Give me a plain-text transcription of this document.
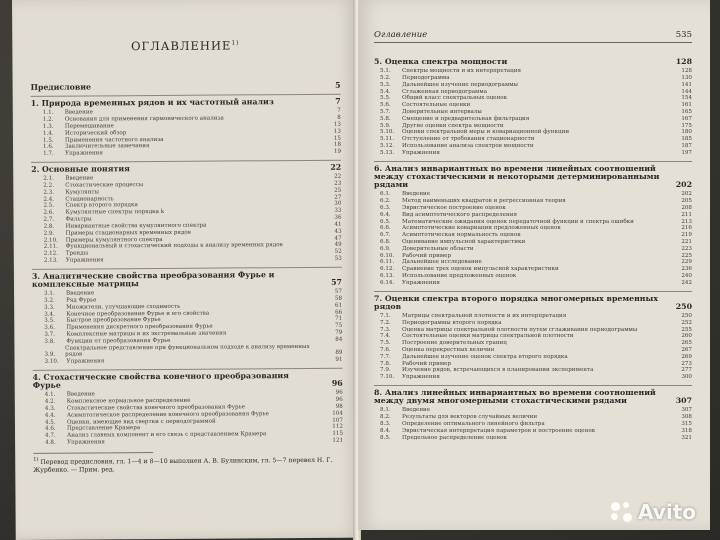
ОГЛАВЛЕНИЕ$^{1)}$
Предисловие	5
1. Природа временных рядов и их частотный анализ	7
1.1.	Введение	7
1.2.	Основания для применения гармонического анализа	8
1.3.	Перемешивание	13
1.4.	Исторический обзор	13
1.5.	Применения частотного анализа	15
1.6.	Заключительные замечания	18
1.7.	Упражнения	19
2. Основные понятия	22
2.1.	Введение	22
2.2.	Стохастические процессы	23
2.3.	Кумулянты	25
2.4.	Стационарность	27
2.5.	Спектр второго порядка	30
2.6.	Кумулянтные спектры порядка k	33
2.7.	Фильтры	36
2.8.	Инвариантные свойства кумулянтного спектра	41
2.9.	Примеры стационарных временных рядов	43
2.10.	Примеры кумулянтного спектра	47
2.11.	Функциональный и стохастический подходы к анализу временных рядов	49
2.12.	Тренды	52
2.13.	Упражнения	53
3. Аналитические свойства преобразования Фурье и комплексные матрицы	57
3.1.	Введение	57
3.2.	Ряд Фурье	58
3.3.	Множители, улучшающие сходимость	61
3.4.	Конечное преобразование Фурье и его свойства	66
3.5.	Быстрое преобразование Фурье	71
3.6.	Применения дискретного преобразования Фурье	75
3.7.	Комплексные матрицы и их экстремальные значения	79
3.8.	Функции от преобразования Фурье	84
3.9.
Спектральное представление при функциональном подходе к анализу временных рядов	89
3.10.	Упражнения	91
4. Стохастические свойства конечного преобразования Фурье	96
4.1.	Введение	96
4.2.	Комплексное нормальное распределение	96
4.3.	Стохастические свойства конечного преобразования Фурье	98
4.4.	Асимптотическое распределение конечного преобразования Фурье	104
4.5.	Оценки, имеющие вид свертки с периодограммой	107
4.6.	Представление Крамера	112
4.7.	Анализ главных компонент и его связь с представлением Крамера	115
4.8.	Упражнения	121
$^{1)}$ Перевод предисловия, гл. 1—4 и 8—10 выполнен А. В. Булинским, гл. 5—7 перевел Н. Г. Журбенко. — Прим. ред.
Оглавление	535
5. Оценка спектра мощности	128
5.1.	Спектры мощности и их интерпретация	128
5.2.	Периодограмма	130
5.3.	Дальнейшее изучение периодограммы	141
5.4.	Сглаженная периодограмма	144
5.5.	Общий класс спектральных оценок	154
5.6.	Состоятельные оценки	161
5.7.	Доверительные интервалы	165
5.8.	Смещение и предварительная фильтрация	167
5.9.	Другие оценки спектра мощности	175
5.10.	Оценки спектральной меры и ковариационной функции	180
5.11.	Отступление от требования стационарности	185
5.12.	Использование анализа спектров мощности	187
5.13.	Упражнения	197
6. Анализ инвариантных во времени линейных соотношений между стохастическими и некоторыми детерминированными рядами	202
6.1.	Введение	202
6.2.	Метод наименьших квадратов и регрессионная теория	205
6.3.	Эвристическое построение оценок	208
6.4.	Вид асимптотического распределения	211
6.5.	Математические ожидания оценок передаточной функции и спектра ошибки	213
6.6.	Асимптотические ковариации предложенных оценок	216
6.7.	Асимптотическая нормальность оценок	219
6.8.	Оценивание импульсной характеристики	221
6.9.	Доверительные области	223
6.10.	Рабочий пример	225
6.11.	Дальнейшее исследование	229
6.12.	Сравнение трех оценок импульсной характеристики	236
6.13.	Использование предложенных оценок	240
6.14.	Упражнения	242
7. Оценки спектра второго порядка многомерных временных рядов	250
7.1.	Матрицы спектральной плотности и их интерпретация	250
7.2.	Периодограммы второго порядка	252
7.3.	Оценка матрицы спектральной плотности путем сглаживания периодограммы	255
7.4.	Состоятельные оценки матрицы спектральной плотности	260
7.5.	Построение доверительных границ	265
7.6.	Оценка перекрестных величин	267
7.7.	Дальнейшее изучение оценок спектра второго порядка	269
7.8.	Рабочий пример	273
7.9.	Изучение рядов, встречающихся в планировании эксперимента	277
7.10.	Упражнения	300
8. Анализ линейных инвариантных во времени соотношений между двумя многомерными стохастическими рядами	307
8.1.	Введение	307
8.2.	Результаты для векторов случайных величин	308
8.3.	Определение оптимального линейного фильтра	315
8.4.	Эвристическая интерпретация параметров и построение оценок	318
8.5.	Предельное распределение оценок	321
Avito
